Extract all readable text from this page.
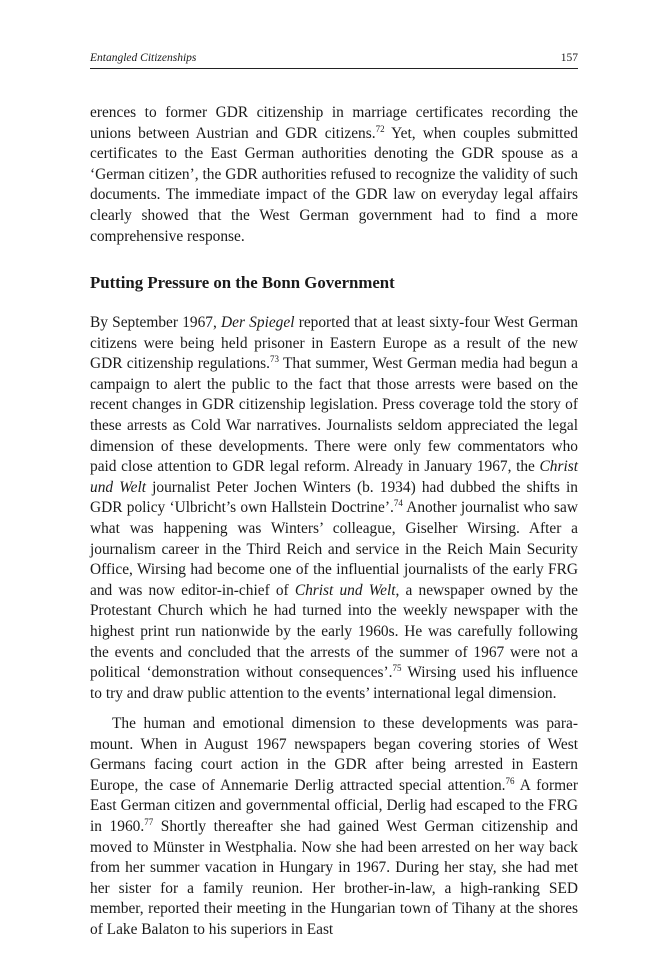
Entangled Citizenships	157

erences to former GDR citizenship in marriage certificates recording the unions between Austrian and GDR citizens.$^{72}$ Yet, when couples submitted certificates to the East German authorities denoting the GDR spouse as a ‘German citizen’, the GDR authorities refused to recognize the validity of such documents. The immediate impact of the GDR law on everyday legal affairs clearly showed that the West German government had to find a more comprehensive response.

Putting Pressure on the Bonn Government

By September 1967, Der Spiegel reported that at least sixty-four West German citizens were being held prisoner in Eastern Europe as a result of the new GDR citizenship regulations.$^{73}$ That summer, West German media had begun a campaign to alert the public to the fact that those arrests were based on the recent changes in GDR citizenship legislation. Press coverage told the story of these arrests as Cold War narratives. Journalists seldom appreciated the legal dimension of these developments. There were only few commentators who paid close attention to GDR legal reform. Already in January 1967, the Christ und Welt journalist Peter Jochen Winters (b. 1934) had dubbed the shifts in GDR policy ‘Ulbricht’s own Hallstein Doctrine’.$^{74}$ Another journalist who saw what was happening was Winters’ colleague, Giselher Wirsing. After a journalism career in the Third Reich and service in the Reich Main Security Office, Wirsing had become one of the influential journalists of the early FRG and was now editor-in-chief of Christ und Welt, a newspaper owned by the Protestant Church which he had turned into the weekly newspaper with the highest print run nationwide by the early 1960s. He was carefully following the events and concluded that the arrests of the summer of 1967 were not a political ‘demonstration without consequences’.$^{75}$ Wirsing used his influence to try and draw public attention to the events’ international legal dimension.

The human and emotional dimension to these developments was paramount. When in August 1967 newspapers began covering stories of West Germans facing court action in the GDR after being arrested in Eastern Europe, the case of Annemarie Derlig attracted special attention.$^{76}$ A former East German citizen and governmental official, Derlig had escaped to the FRG in 1960.77 Shortly thereafter she had gained West German citizenship and moved to Münster in Westphalia. Now she had been arrested on her way back from her summer vacation in Hungary in 1967. During her stay, she had met her sister for a family reunion. Her brother-in-law, a high-ranking SED member, reported their meeting in the Hungarian town of Tihany at the shores of Lake Balaton to his superiors in East
